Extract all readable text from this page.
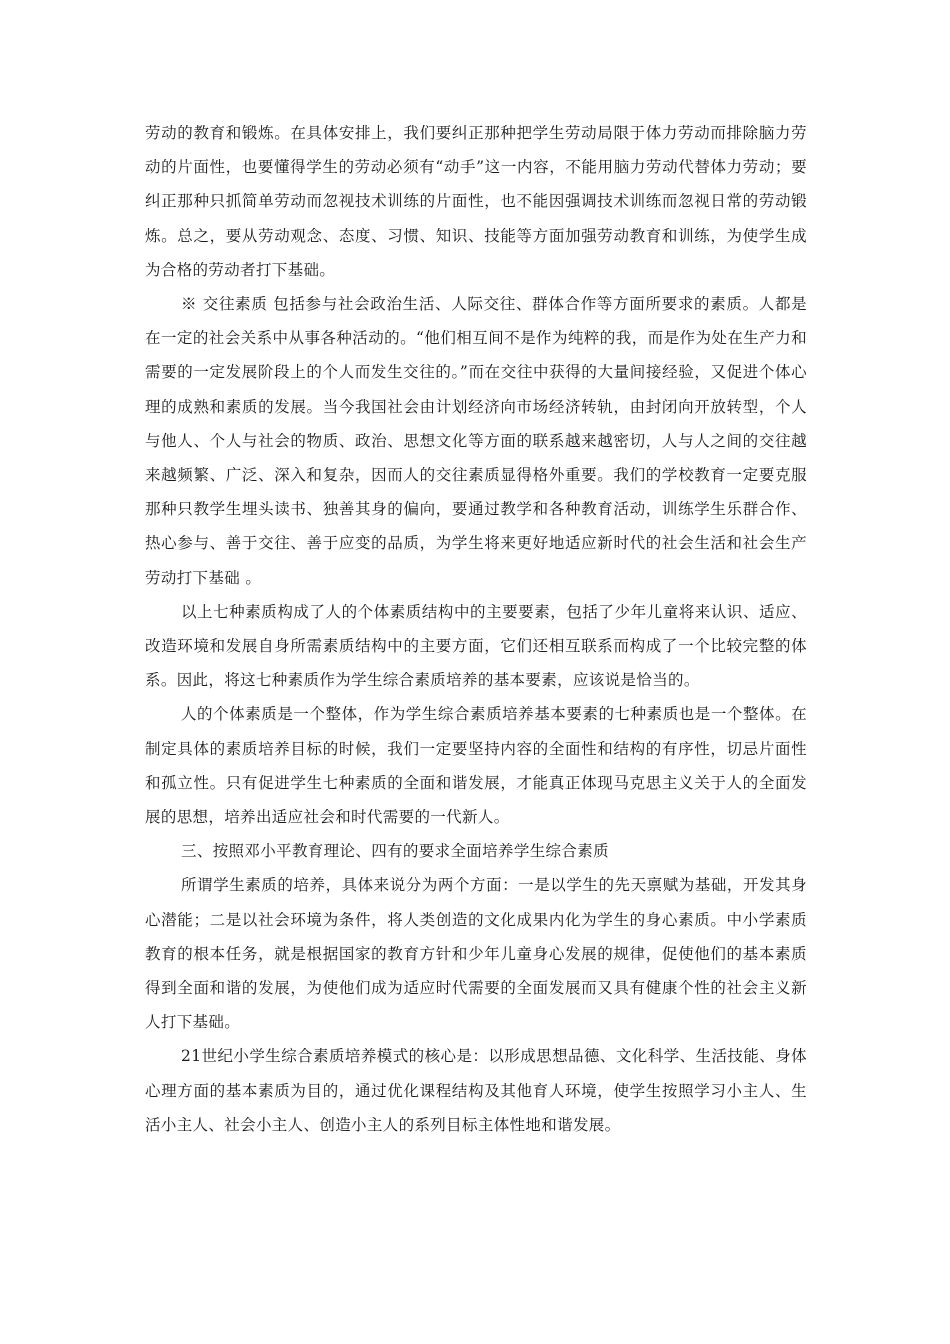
劳动的教育和锻炼。在具体安排上，我们要纠正那种把学生劳动局限于体力劳动而排除脑力劳动的片面性，也要懂得学生的劳动必须有“动手”这一内容，不能用脑力劳动代替体力劳动；要纠正那种只抓简单劳动而忽视技术训练的片面性，也不能因强调技术训练而忽视日常的劳动锻炼。总之，要从劳动观念、态度、习惯、知识、技能等方面加强劳动教育和训练，为使学生成为合格的劳动者打下基础。

※ 交往素质 包括参与社会政治生活、人际交往、群体合作等方面所要求的素质。人都是在一定的社会关系中从事各种活动的。“他们相互间不是作为纯粹的我，而是作为处在生产力和需要的一定发展阶段上的个人而发生交往的。”而在交往中获得的大量间接经验，又促进个体心理的成熟和素质的发展。当今我国社会由计划经济向市场经济转轨，由封闭向开放转型，个人与他人、个人与社会的物质、政治、思想文化等方面的联系越来越密切，人与人之间的交往越来越频繁、广泛、深入和复杂，因而人的交往素质显得格外重要。我们的学校教育一定要克服那种只教学生埋头读书、独善其身的偏向，要通过教学和各种教育活动，训练学生乐群合作、热心参与、善于交往、善于应变的品质，为学生将来更好地适应新时代的社会生活和社会生产劳动打下基础 。

以上七种素质构成了人的个体素质结构中的主要要素，包括了少年儿童将来认识、适应、改造环境和发展自身所需素质结构中的主要方面，它们还相互联系而构成了一个比较完整的体系。因此，将这七种素质作为学生综合素质培养的基本要素，应该说是恰当的。

人的个体素质是一个整体，作为学生综合素质培养基本要素的七种素质也是一个整体。在制定具体的素质培养目标的时候，我们一定要坚持内容的全面性和结构的有序性，切忌片面性和孤立性。只有促进学生七种素质的全面和谐发展，才能真正体现马克思主义关于人的全面发展的思想，培养出适应社会和时代需要的一代新人。

三、按照邓小平教育理论、四有的要求全面培养学生综合素质

所谓学生素质的培养，具体来说分为两个方面：一是以学生的先天禀赋为基础，开发其身心潜能；二是以社会环境为条件，将人类创造的文化成果内化为学生的身心素质。中小学素质教育的根本任务，就是根据国家的教育方针和少年儿童身心发展的规律，促使他们的基本素质得到全面和谐的发展，为使他们成为适应时代需要的全面发展而又具有健康个性的社会主义新人打下基础。

21世纪小学生综合素质培养模式的核心是：以形成思想品德、文化科学、生活技能、身体心理方面的基本素质为目的，通过优化课程结构及其他育人环境，使学生按照学习小主人、生活小主人、社会小主人、创造小主人的系列目标主体性地和谐发展。
